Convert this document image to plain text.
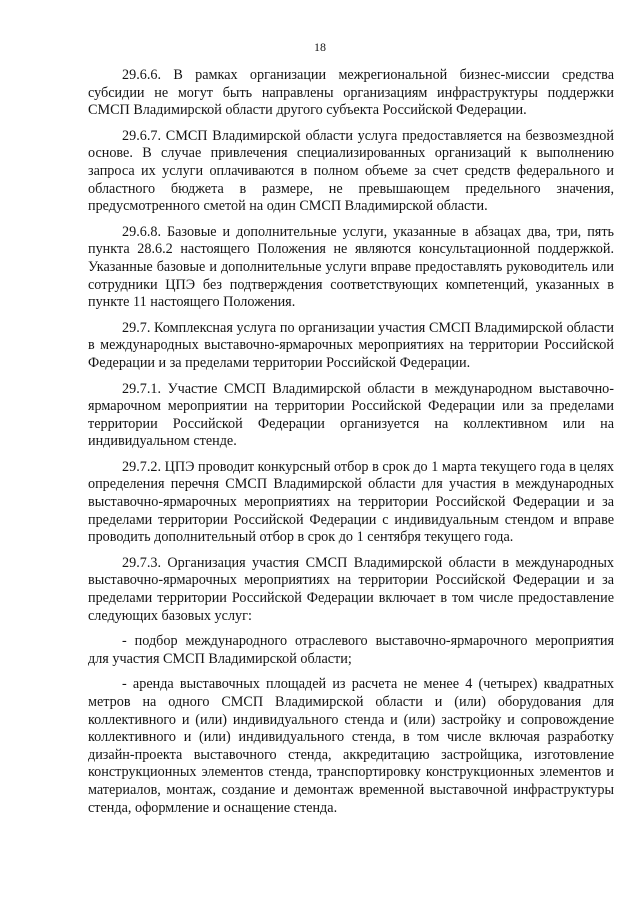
18

29.6.6. В рамках организации межрегиональной бизнес-миссии средства субсидии не могут быть направлены организациям инфраструктуры поддержки СМСП Владимирской области другого субъекта Российской Федерации.

29.6.7. СМСП Владимирской области услуга предоставляется на безвозмездной основе. В случае привлечения специализированных организаций к выполнению запроса их услуги оплачиваются в полном объеме за счет средств федерального и областного бюджета в размере, не превышающем предельного значения, предусмотренного сметой на один СМСП Владимирской области.

29.6.8. Базовые и дополнительные услуги, указанные в абзацах два, три, пять пункта 28.6.2 настоящего Положения не являются консультационной поддержкой. Указанные базовые и дополнительные услуги вправе предоставлять руководитель или сотрудники ЦПЭ без подтверждения соответствующих компетенций, указанных в пункте 11 настоящего Положения.

29.7. Комплексная услуга по организации участия СМСП Владимирской области в международных выставочно-ярмарочных мероприятиях на территории Российской Федерации и за пределами территории Российской Федерации.

29.7.1. Участие СМСП Владимирской области в международном выставочно-ярмарочном мероприятии на территории Российской Федерации или за пределами территории Российской Федерации организуется на коллективном или на индивидуальном стенде.

29.7.2. ЦПЭ проводит конкурсный отбор в срок до 1 марта текущего года в целях определения перечня СМСП Владимирской области для участия в международных выставочно-ярмарочных мероприятиях на территории Российской Федерации и за пределами территории Российской Федерации с индивидуальным стендом и вправе проводить дополнительный отбор в срок до 1 сентября текущего года.

29.7.3. Организация участия СМСП Владимирской области в международных выставочно-ярмарочных мероприятиях на территории Российской Федерации и за пределами территории Российской Федерации включает в том числе предоставление следующих базовых услуг:

- подбор международного отраслевого выставочно-ярмарочного мероприятия для участия СМСП Владимирской области;

- аренда выставочных площадей из расчета не менее 4 (четырех) квадратных метров на одного СМСП Владимирской области и (или) оборудования для коллективного и (или) индивидуального стенда и (или) застройку и сопровождение коллективного и (или) индивидуального стенда, в том числе включая разработку дизайн-проекта выставочного стенда, аккредитацию застройщика, изготовление конструкционных элементов стенда, транспортировку конструкционных элементов и материалов, монтаж, создание и демонтаж временной выставочной инфраструктуры стенда, оформление и оснащение стенда.
